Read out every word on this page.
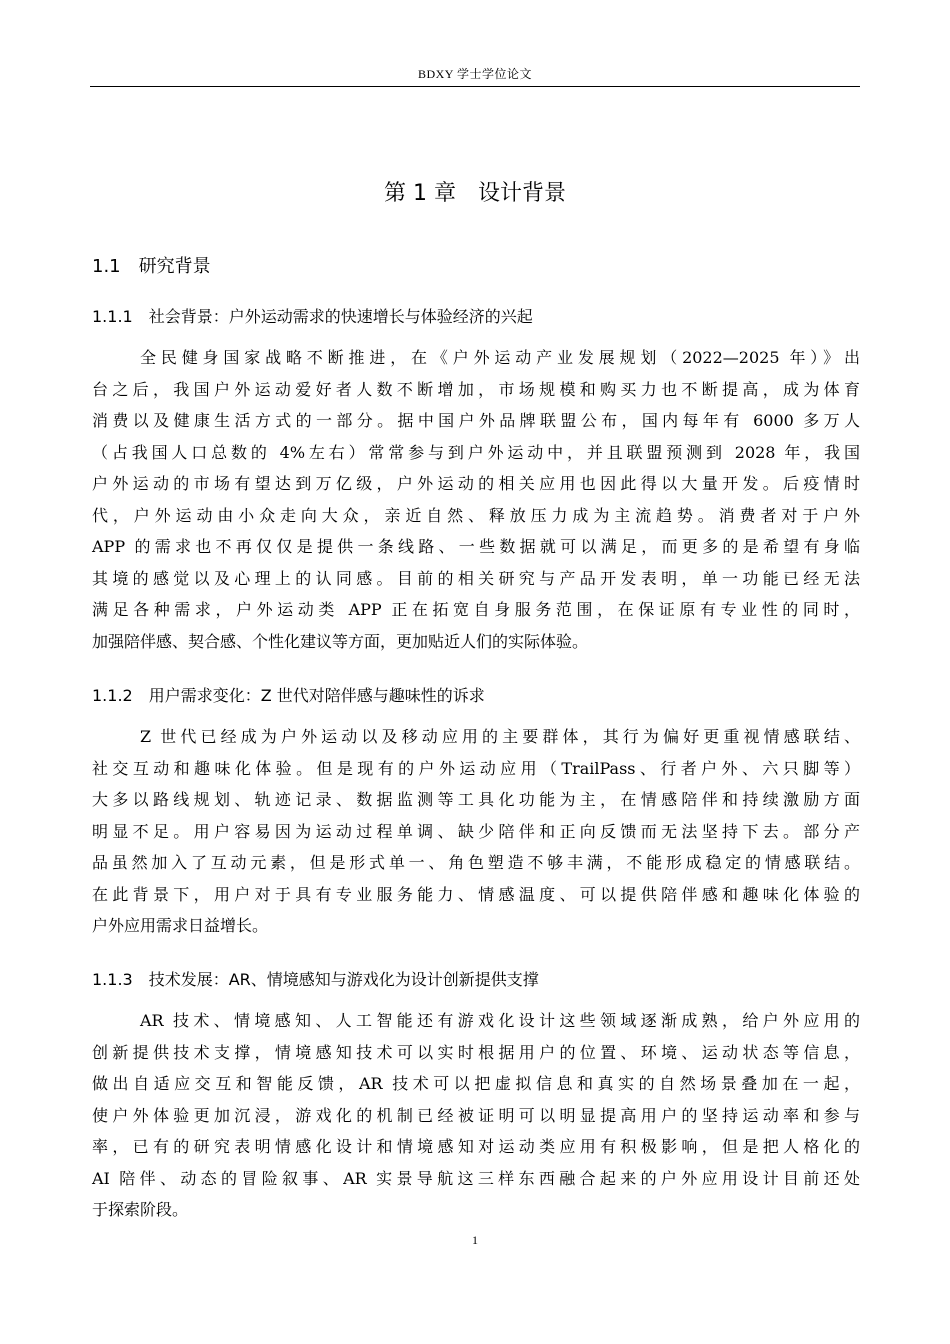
BDXY 学士学位论文
第 1 章　设计背景
1.1　研究背景
1.1.1　社会背景：户外运动需求的快速增长与体验经济的兴起
全民健身国家战略不断推进，在《户外运动产业发展规划（2022—2025 年）》出
台之后，我国户外运动爱好者人数不断增加，市场规模和购买力也不断提高，成为体育
消费以及健康生活方式的一部分。据中国户外品牌联盟公布，国内每年有 6000 多万人
（占我国人口总数的 4%左右）常常参与到户外运动中，并且联盟预测到 2028 年，我国
户外运动的市场有望达到万亿级，户外运动的相关应用也因此得以大量开发。后疫情时
代，户外运动由小众走向大众，亲近自然、释放压力成为主流趋势。消费者对于户外
APP 的需求也不再仅仅是提供一条线路、一些数据就可以满足，而更多的是希望有身临
其境的感觉以及心理上的认同感。目前的相关研究与产品开发表明，单一功能已经无法
满足各种需求，户外运动类 APP 正在拓宽自身服务范围，在保证原有专业性的同时，
加强陪伴感、契合感、个性化建议等方面，更加贴近人们的实际体验。
1.1.2　用户需求变化：Z 世代对陪伴感与趣味性的诉求
Z 世代已经成为户外运动以及移动应用的主要群体，其行为偏好更重视情感联结、
社交互动和趣味化体验。但是现有的户外运动应用（TrailPass、行者户外、六只脚等）
大多以路线规划、轨迹记录、数据监测等工具化功能为主，在情感陪伴和持续激励方面
明显不足。用户容易因为运动过程单调、缺少陪伴和正向反馈而无法坚持下去。部分产
品虽然加入了互动元素，但是形式单一、角色塑造不够丰满，不能形成稳定的情感联结。
在此背景下，用户对于具有专业服务能力、情感温度、可以提供陪伴感和趣味化体验的
户外应用需求日益增长。
1.1.3　技术发展：AR、情境感知与游戏化为设计创新提供支撑
AR 技术、情境感知、人工智能还有游戏化设计这些领域逐渐成熟，给户外应用的
创新提供技术支撑，情境感知技术可以实时根据用户的位置、环境、运动状态等信息，
做出自适应交互和智能反馈，AR 技术可以把虚拟信息和真实的自然场景叠加在一起，
使户外体验更加沉浸，游戏化的机制已经被证明可以明显提高用户的坚持运动率和参与
率，已有的研究表明情感化设计和情境感知对运动类应用有积极影响，但是把人格化的
AI 陪伴、动态的冒险叙事、AR 实景导航这三样东西融合起来的户外应用设计目前还处
于探索阶段。
1
